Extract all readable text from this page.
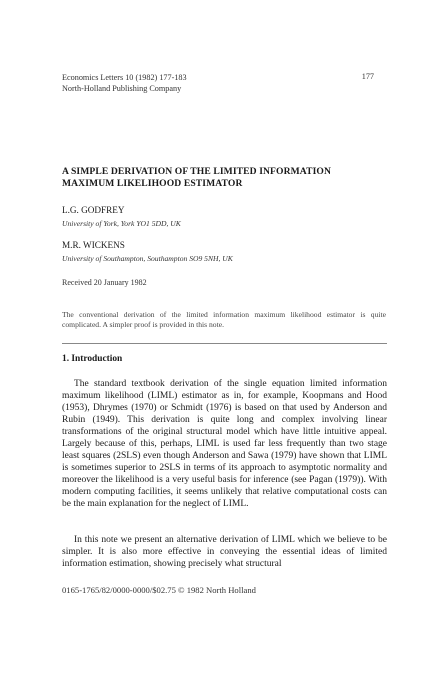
Economics Letters 10 (1982) 177-183
North-Holland Publishing Company
177
A SIMPLE DERIVATION OF THE LIMITED INFORMATION
MAXIMUM LIKELIHOOD ESTIMATOR
L.G. GODFREY
University of York, York YO1 5DD, UK
M.R. WICKENS
University of Southampton, Southampton SO9 5NH, UK
Received 20 January 1982
The conventional derivation of the limited information maximum likelihood estimator is quite complicated. A simpler proof is provided in this note.
1. Introduction
The standard textbook derivation of the single equation limited information maximum likelihood (LIML) estimator as in, for example, Koopmans and Hood (1953), Dhrymes (1970) or Schmidt (1976) is based on that used by Anderson and Rubin (1949). This derivation is quite long and complex involving linear transformations of the original structural model which have little intuitive appeal. Largely because of this, perhaps, LIML is used far less frequently than two stage least squares (2SLS) even though Anderson and Sawa (1979) have shown that LIML is sometimes superior to 2SLS in terms of its approach to asymptotic normality and moreover the likelihood is a very useful basis for inference (see Pagan (1979)). With modern computing facilities, it seems unlikely that relative computational costs can be the main explanation for the neglect of LIML.
In this note we present an alternative derivation of LIML which we believe to be simpler. It is also more effective in conveying the essential ideas of limited information estimation, showing precisely what structural
0165-1765/82/0000-0000/$02.75 © 1982 North Holland
